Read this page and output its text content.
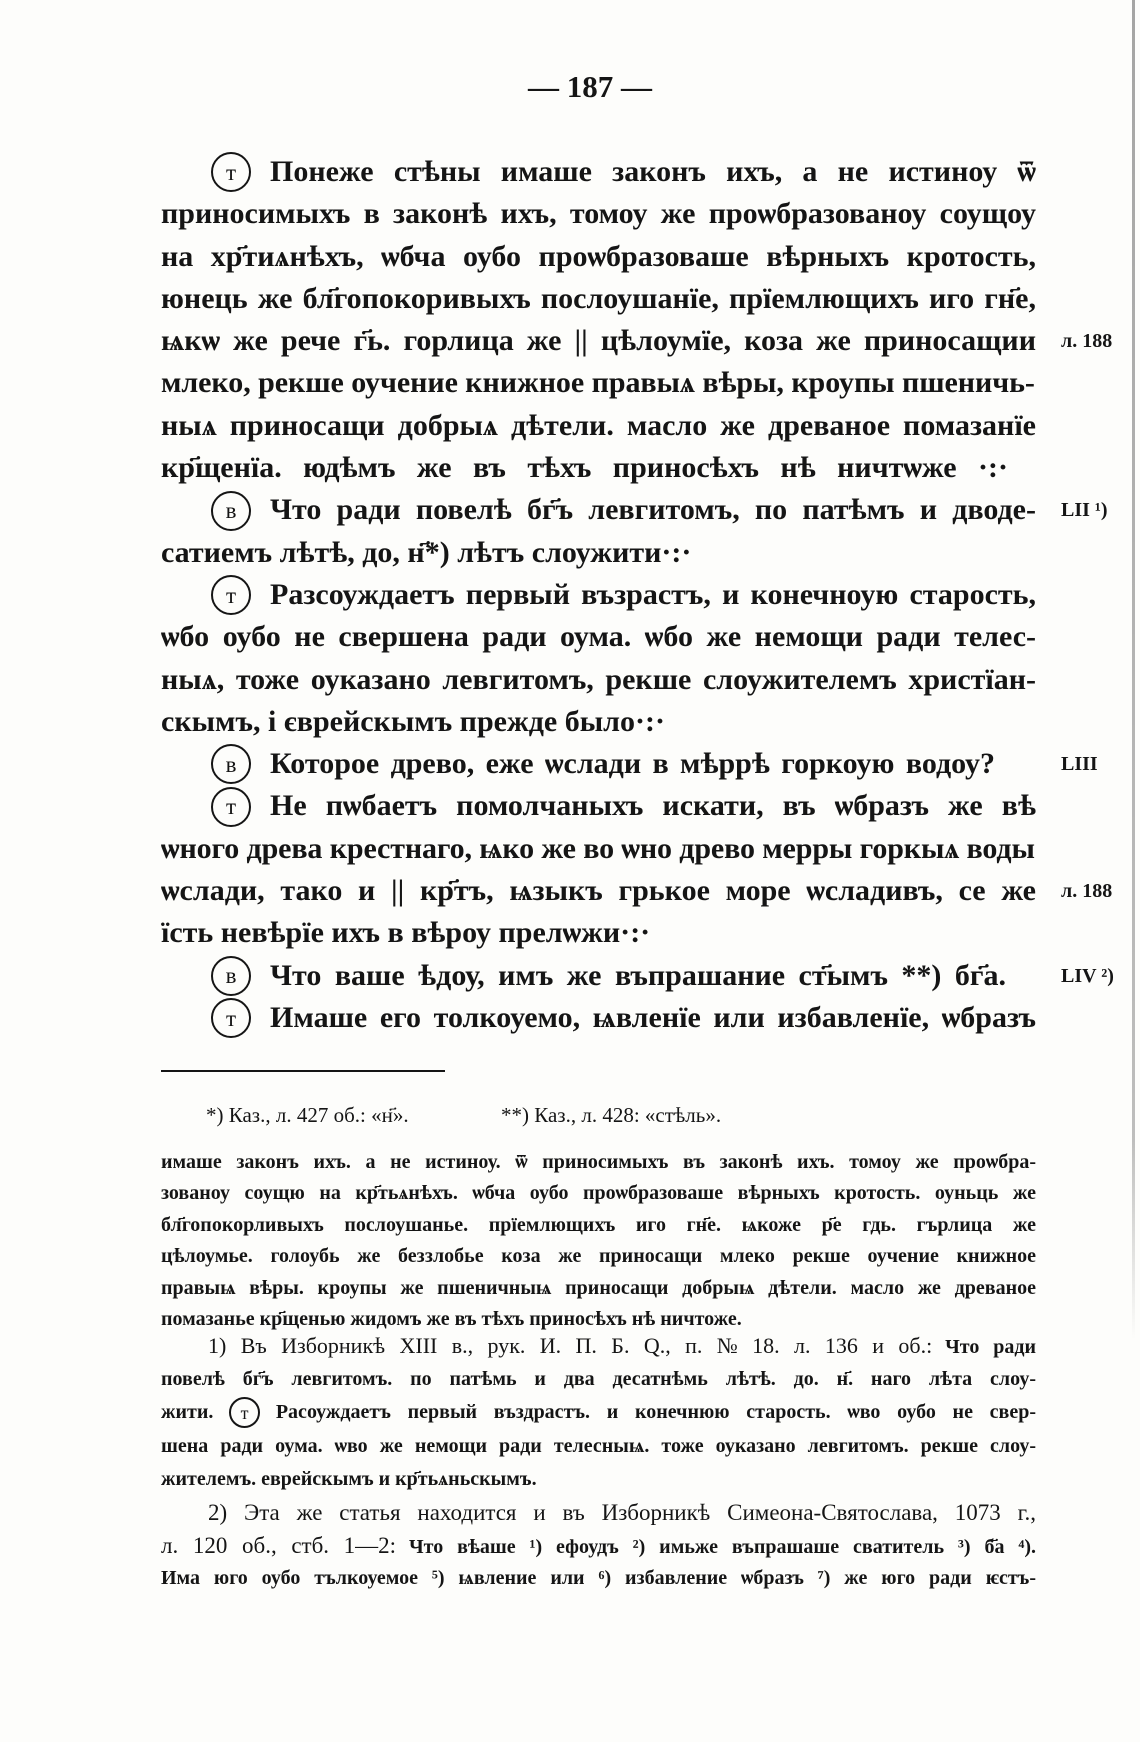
— 187 —
т	Понеже стѣны имаше законъ ихъ, а не истиноу ѿ
приносимыхъ в законѣ ихъ, томоу же проѡбразованоу соущоу
на хр҃тиѧнѣхъ, ѡбча оубо проѡбразоваше вѣрныхъ кротость,
юнець же бл҃гопокоривыхъ послоушанїе, прїемлющихъ иго гн҃е,
ѩкѡ же рече г҃ь. горлица же || цѣлоумїе, коза же приносащии л. 188
млеко, рекше оучение книжное правыѧ вѣры, кроупы пшеничь-
ныѧ приносащи добрыѧ дѣтели. масло же древаное помазанїе
кр҃щенїа. юдѣмъ же въ тѣхъ приносѣхъ нѣ ничтѡже ·:·
в	Что ради повелѣ бг҃ъ левгитомъ, по патѣмъ и дводе- LII ¹)
сатиемъ лѣтѣ, до, н҃*) лѣтъ слоужити·:·
т	Разсоуждаетъ первый възрастъ, и конечноую старость,
ѡбо оубо не свершена ради оума. ѡбо же немощи ради телес-
ныѧ, тоже оуказано левгитомъ, рекше слоужителемъ христїан-
скымъ, і єврейскымъ прежде было·:·
в	Которое древо, еже ѡслади в мѣррѣ горкоую водоу?	LIII
т	Не пѡбаетъ помолчаныхъ искати, въ ѡбразъ же вѣ
ѡного древа крестнаго, ѩко же во ѡно древо мерры горкыѧ воды
ѡслади, тако и || кр҃тъ, ѩзыкъ грькое море ѡсладивъ, се же л. 188
їсть невѣрїе ихъ в вѣроу прелѡжи·:·
в	Что ваше ѣдоу, имъ же въпрашание ст҃ымъ **) бг҃а.	LIV ²)
т	Имаше его толкоуемо, ѩвленїе или избавленїе, ѡбразъ
*) Каз., л. 427 об.: «н҃».	**) Каз., л. 428: «стѣль».
имаше законъ ихъ. а не истиноу. ѿ приносимыхъ въ законѣ ихъ. томоу же проѡбра-
зованоу соущю на кр҃тьѧнѣхъ. ѡбча оубо проѡбразоваше вѣрныхъ кротость. оуньць же
бл҃гопокорливыхъ послоушанье. прїемлющихъ иго гн҃е. ѩкоже р҃е гдь. гърлица же
цѣлоумье. голоубь же беззлобье коза же приносащи млеко рекше оучение книжное
правыѩ вѣры. кроупы же пшеничныѩ приносащи добрыѩ дѣтели. масло же древаное
помазанье кр҃щенью жидомъ же въ тѣхъ приносѣхъ нѣ ничтоже.
1) Въ Изборникѣ XIII в., рук. И. П. Б. Q., п. № 18. л. 136 и об.: Что ради
повелѣ бг҃ъ левгитомъ. по патѣмь и два десатнѣмь лѣтѣ. до. н҃. наго лѣта слоу-
жити. т Расоуждаетъ первый въздрастъ. и конечнюю старость. ѡво оубо не свер-
шена ради оума. ѡво же немощи ради телесныѩ. тоже оуказано левгитомъ. рекше слоу-
жителемъ. еврейскымъ и кр҃тьѧньскымъ.
2) Эта же статья находится и въ Изборникѣ Симеона-Святослава, 1073 г.,
л. 120 об., стб. 1—2: Что вѣаше ¹) ефоудъ ²) имьже въпрашаше сватитель ³) б҃а ⁴).
Има юго оубо тълкоуемое ⁵) ѩвление или ⁶) избавление ѡбразъ ⁷) же юго ради ѥстъ-
